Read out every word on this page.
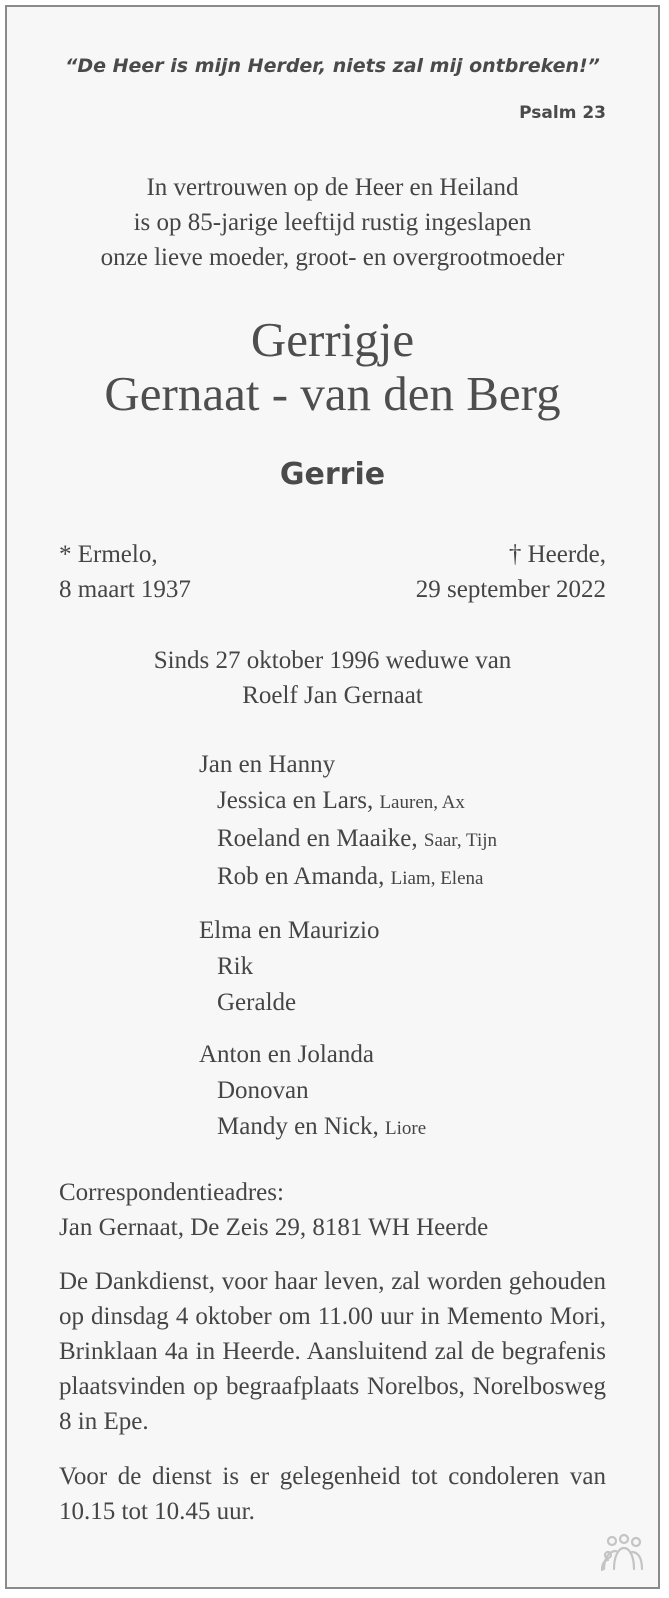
“De Heer is mijn Herder, niets zal mij ontbreken!”
Psalm 23
In vertrouwen op de Heer en Heiland
is op 85-jarige leeftijd rustig ingeslapen
onze lieve moeder, groot- en overgrootmoeder
Gerrigje
Gernaat - van den Berg
Gerrie
* Ermelo,
8 maart 1937
† Heerde,
29 september 2022
Sinds 27 oktober 1996 weduwe van
Roelf Jan Gernaat
Jan en Hanny
Jessica en Lars, Lauren, Ax
Roeland en Maaike, Saar, Tijn
Rob en Amanda, Liam, Elena
Elma en Maurizio
Rik
Geralde
Anton en Jolanda
Donovan
Mandy en Nick, Liore
Correspondentieadres:
Jan Gernaat, De Zeis 29, 8181 WH Heerde
De Dankdienst, voor haar leven, zal worden gehouden op dinsdag 4 oktober om 11.00 uur in Memento Mori, Brinklaan 4a in Heerde. Aansluitend zal de begrafenis plaatsvinden op begraafplaats Norelbos, Norelbosweg 8 in Epe.
Voor de dienst is er gelegenheid tot condoleren van 10.15 tot 10.45 uur.
